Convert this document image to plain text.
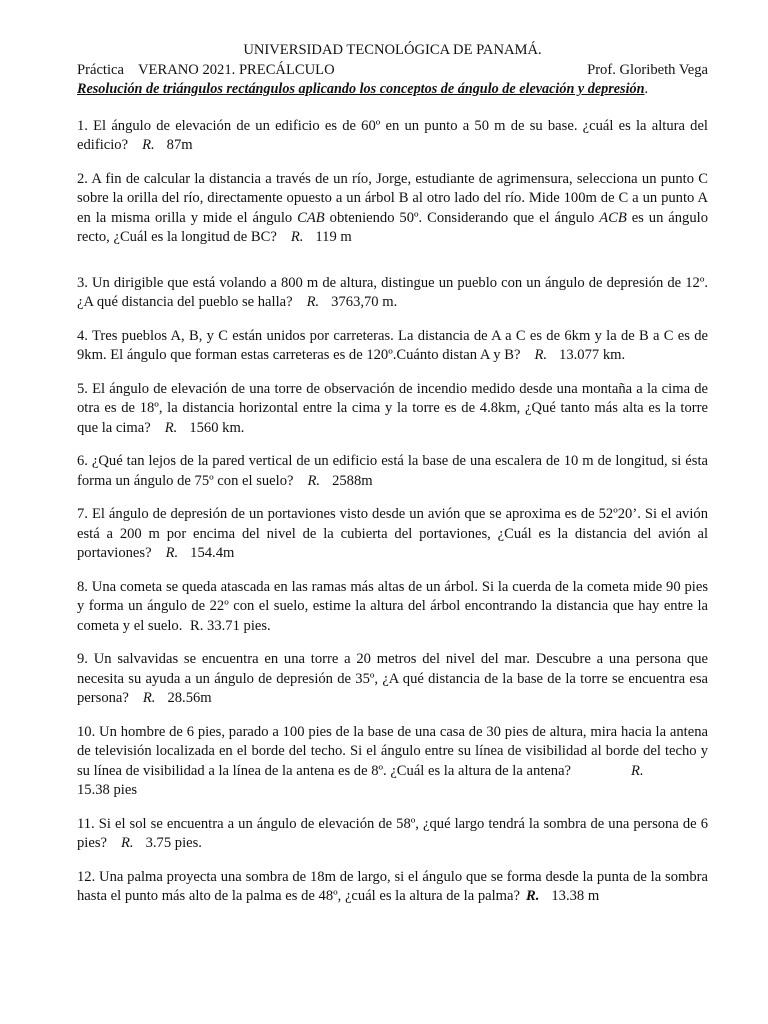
UNIVERSIDAD TECNOLÓGICA DE PANAMÁ.

Práctica VERANO 2021. PRECÁLCULO	Prof. Gloribeth Vega

Resolución de triángulos rectángulos aplicando los conceptos de ángulo de elevación y depresión.

1. El ángulo de elevación de un edificio es de 60º en un punto a 50 m de su base. ¿cuál es la altura del edificio? R. 87m

2. A fin de calcular la distancia a través de un río, Jorge, estudiante de agrimensura, selecciona un punto C sobre la orilla del río, directamente opuesto a un árbol B al otro lado del río. Mide 100m de C a un punto A en la misma orilla y mide el ángulo CAB obteniendo 50º. Considerando que el ángulo ACB es un ángulo recto, ¿Cuál es la longitud de BC? R. 119 m

3. Un dirigible que está volando a 800 m de altura, distingue un pueblo con un ángulo de depresión de 12º. ¿A qué distancia del pueblo se halla? R. 3763,70 m.

4. Tres pueblos A, B, y C están unidos por carreteras. La distancia de A a C es de 6km y la de B a C es de 9km. El ángulo que forman estas carreteras es de 120º.Cuánto distan A y B? R. 13.077 km.

5. El ángulo de elevación de una torre de observación de incendio medido desde una montaña a la cima de otra es de 18º, la distancia horizontal entre la cima y la torre es de 4.8km, ¿Qué tanto más alta es la torre que la cima? R. 1560 km.

6. ¿Qué tan lejos de la pared vertical de un edificio está la base de una escalera de 10 m de longitud, si ésta forma un ángulo de 75º con el suelo? R. 2588m

7. El ángulo de depresión de un portaviones visto desde un avión que se aproxima es de 52º20’. Si el avión está a 200 m por encima del nivel de la cubierta del portaviones, ¿Cuál es la distancia del avión al portaviones? R. 154.4m

8. Una cometa se queda atascada en las ramas más altas de un árbol. Si la cuerda de la cometa mide 90 pies y forma un ángulo de 22º con el suelo, estime la altura del árbol encontrando la distancia que hay entre la cometa y el suelo. R. 33.71 pies.

9. Un salvavidas se encuentra en una torre a 20 metros del nivel del mar. Descubre a una persona que necesita su ayuda a un ángulo de depresión de 35º, ¿A qué distancia de la base de la torre se encuentra esa persona? R. 28.56m

10. Un hombre de 6 pies, parado a 100 pies de la base de una casa de 30 pies de altura, mira hacia la antena de televisión localizada en el borde del techo. Si el ángulo entre su línea de visibilidad al borde del techo y su línea de visibilidad a la línea de la antena es de 8º. ¿Cuál es la altura de la antena?	R.
15.38 pies

11. Si el sol se encuentra a un ángulo de elevación de 58º, ¿qué largo tendrá la sombra de una persona de 6 pies? R. 3.75 pies.

12. Una palma proyecta una sombra de 18m de largo, si el ángulo que se forma desde la punta de la sombra hasta el punto más alto de la palma es de 48º, ¿cuál es la altura de la palma? R. 13.38 m
